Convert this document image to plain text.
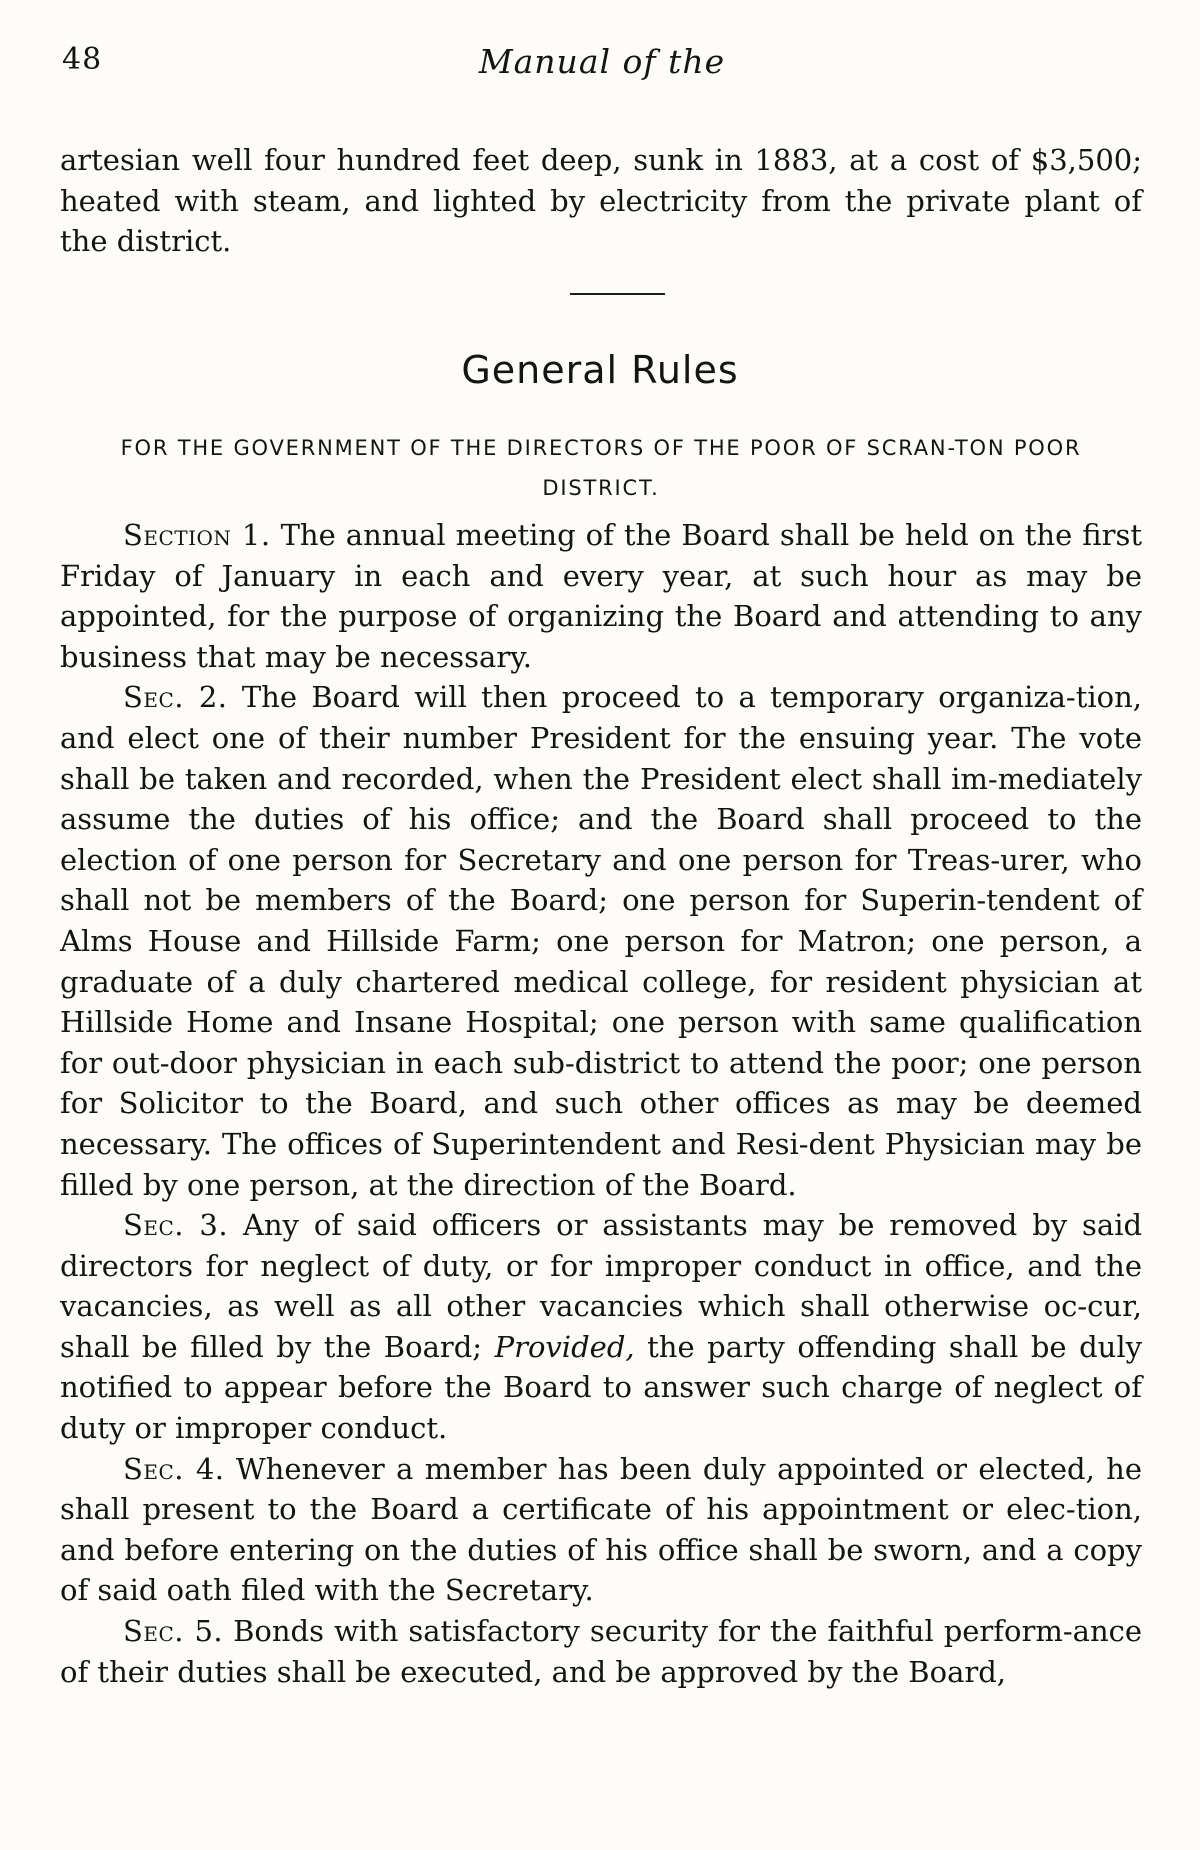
48	Manual of the

artesian well four hundred feet deep, sunk in 1883, at a cost of $3,500; heated with steam, and lighted by electricity from the private plant of the district.

General Rules
FOR THE GOVERNMENT OF THE DIRECTORS OF THE POOR OF SCRAN-TON POOR DISTRICT.

Section 1. The annual meeting of the Board shall be held on the first Friday of January in each and every year, at such hour as may be appointed, for the purpose of organizing the Board and attending to any business that may be necessary.

Sec. 2. The Board will then proceed to a temporary organiza-tion, and elect one of their number President for the ensuing year. The vote shall be taken and recorded, when the President elect shall im-mediately assume the duties of his office; and the Board shall proceed to the election of one person for Secretary and one person for Treas-urer, who shall not be members of the Board; one person for Superin-tendent of Alms House and Hillside Farm; one person for Matron; one person, a graduate of a duly chartered medical college, for resident physician at Hillside Home and Insane Hospital; one person with same qualification for out-door physician in each sub-district to attend the poor; one person for Solicitor to the Board, and such other offices as may be deemed necessary. The offices of Superintendent and Resi-dent Physician may be filled by one person, at the direction of the Board.

Sec. 3. Any of said officers or assistants may be removed by said directors for neglect of duty, or for improper conduct in office, and the vacancies, as well as all other vacancies which shall otherwise oc-cur, shall be filled by the Board; Provided, the party offending shall be duly notified to appear before the Board to answer such charge of neglect of duty or improper conduct.

Sec. 4. Whenever a member has been duly appointed or elected, he shall present to the Board a certificate of his appointment or elec-tion, and before entering on the duties of his office shall be sworn, and a copy of said oath filed with the Secretary.

Sec. 5. Bonds with satisfactory security for the faithful perform-ance of their duties shall be executed, and be approved by the Board,
